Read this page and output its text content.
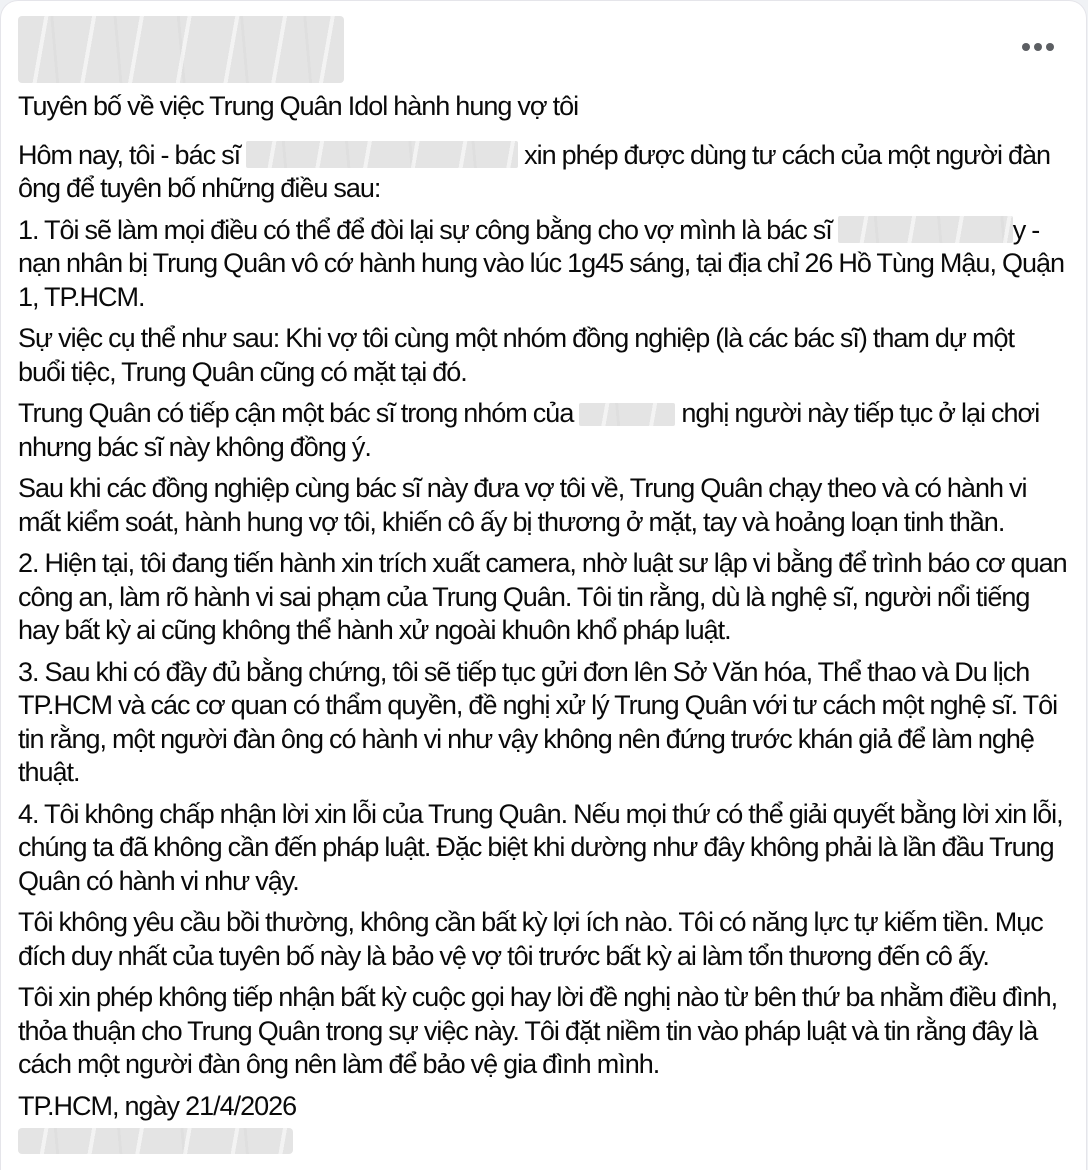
Tuyên bố về việc Trung Quân Idol hành hung vợ tôi
Hôm nay, tôi - bác sĩ	xin phép được dùng tư cách của một người đàn ông để tuyên bố những điều sau:
1. Tôi sẽ làm mọi điều có thể để đòi lại sự công bằng cho vợ mình là bác sĩ	y - nạn nhân bị Trung Quân vô cớ hành hung vào lúc 1g45 sáng, tại địa chỉ 26 Hồ Tùng Mậu, Quận 1, TP.HCM.
Sự việc cụ thể như sau: Khi vợ tôi cùng một nhóm đồng nghiệp (là các bác sĩ) tham dự một buổi tiệc, Trung Quân cũng có mặt tại đó.
Trung Quân có tiếp cận một bác sĩ trong nhóm của	nghị người này tiếp tục ở lại chơi nhưng bác sĩ này không đồng ý.
Sau khi các đồng nghiệp cùng bác sĩ này đưa vợ tôi về, Trung Quân chạy theo và có hành vi mất kiểm soát, hành hung vợ tôi, khiến cô ấy bị thương ở mặt, tay và hoảng loạn tinh thần.
2. Hiện tại, tôi đang tiến hành xin trích xuất camera, nhờ luật sư lập vi bằng để trình báo cơ quan công an, làm rõ hành vi sai phạm của Trung Quân. Tôi tin rằng, dù là nghệ sĩ, người nổi tiếng hay bất kỳ ai cũng không thể hành xử ngoài khuôn khổ pháp luật.
3. Sau khi có đầy đủ bằng chứng, tôi sẽ tiếp tục gửi đơn lên Sở Văn hóa, Thể thao và Du lịch TP.HCM và các cơ quan có thẩm quyền, đề nghị xử lý Trung Quân với tư cách một nghệ sĩ. Tôi tin rằng, một người đàn ông có hành vi như vậy không nên đứng trước khán giả để làm nghệ thuật.
4. Tôi không chấp nhận lời xin lỗi của Trung Quân. Nếu mọi thứ có thể giải quyết bằng lời xin lỗi, chúng ta đã không cần đến pháp luật. Đặc biệt khi dường như đây không phải là lần đầu Trung Quân có hành vi như vậy.
Tôi không yêu cầu bồi thường, không cần bất kỳ lợi ích nào. Tôi có năng lực tự kiếm tiền. Mục đích duy nhất của tuyên bố này là bảo vệ vợ tôi trước bất kỳ ai làm tổn thương đến cô ấy.
Tôi xin phép không tiếp nhận bất kỳ cuộc gọi hay lời đề nghị nào từ bên thứ ba nhằm điều đình, thỏa thuận cho Trung Quân trong sự việc này. Tôi đặt niềm tin vào pháp luật và tin rằng đây là cách một người đàn ông nên làm để bảo vệ gia đình mình.
TP.HCM, ngày 21/4/2026
